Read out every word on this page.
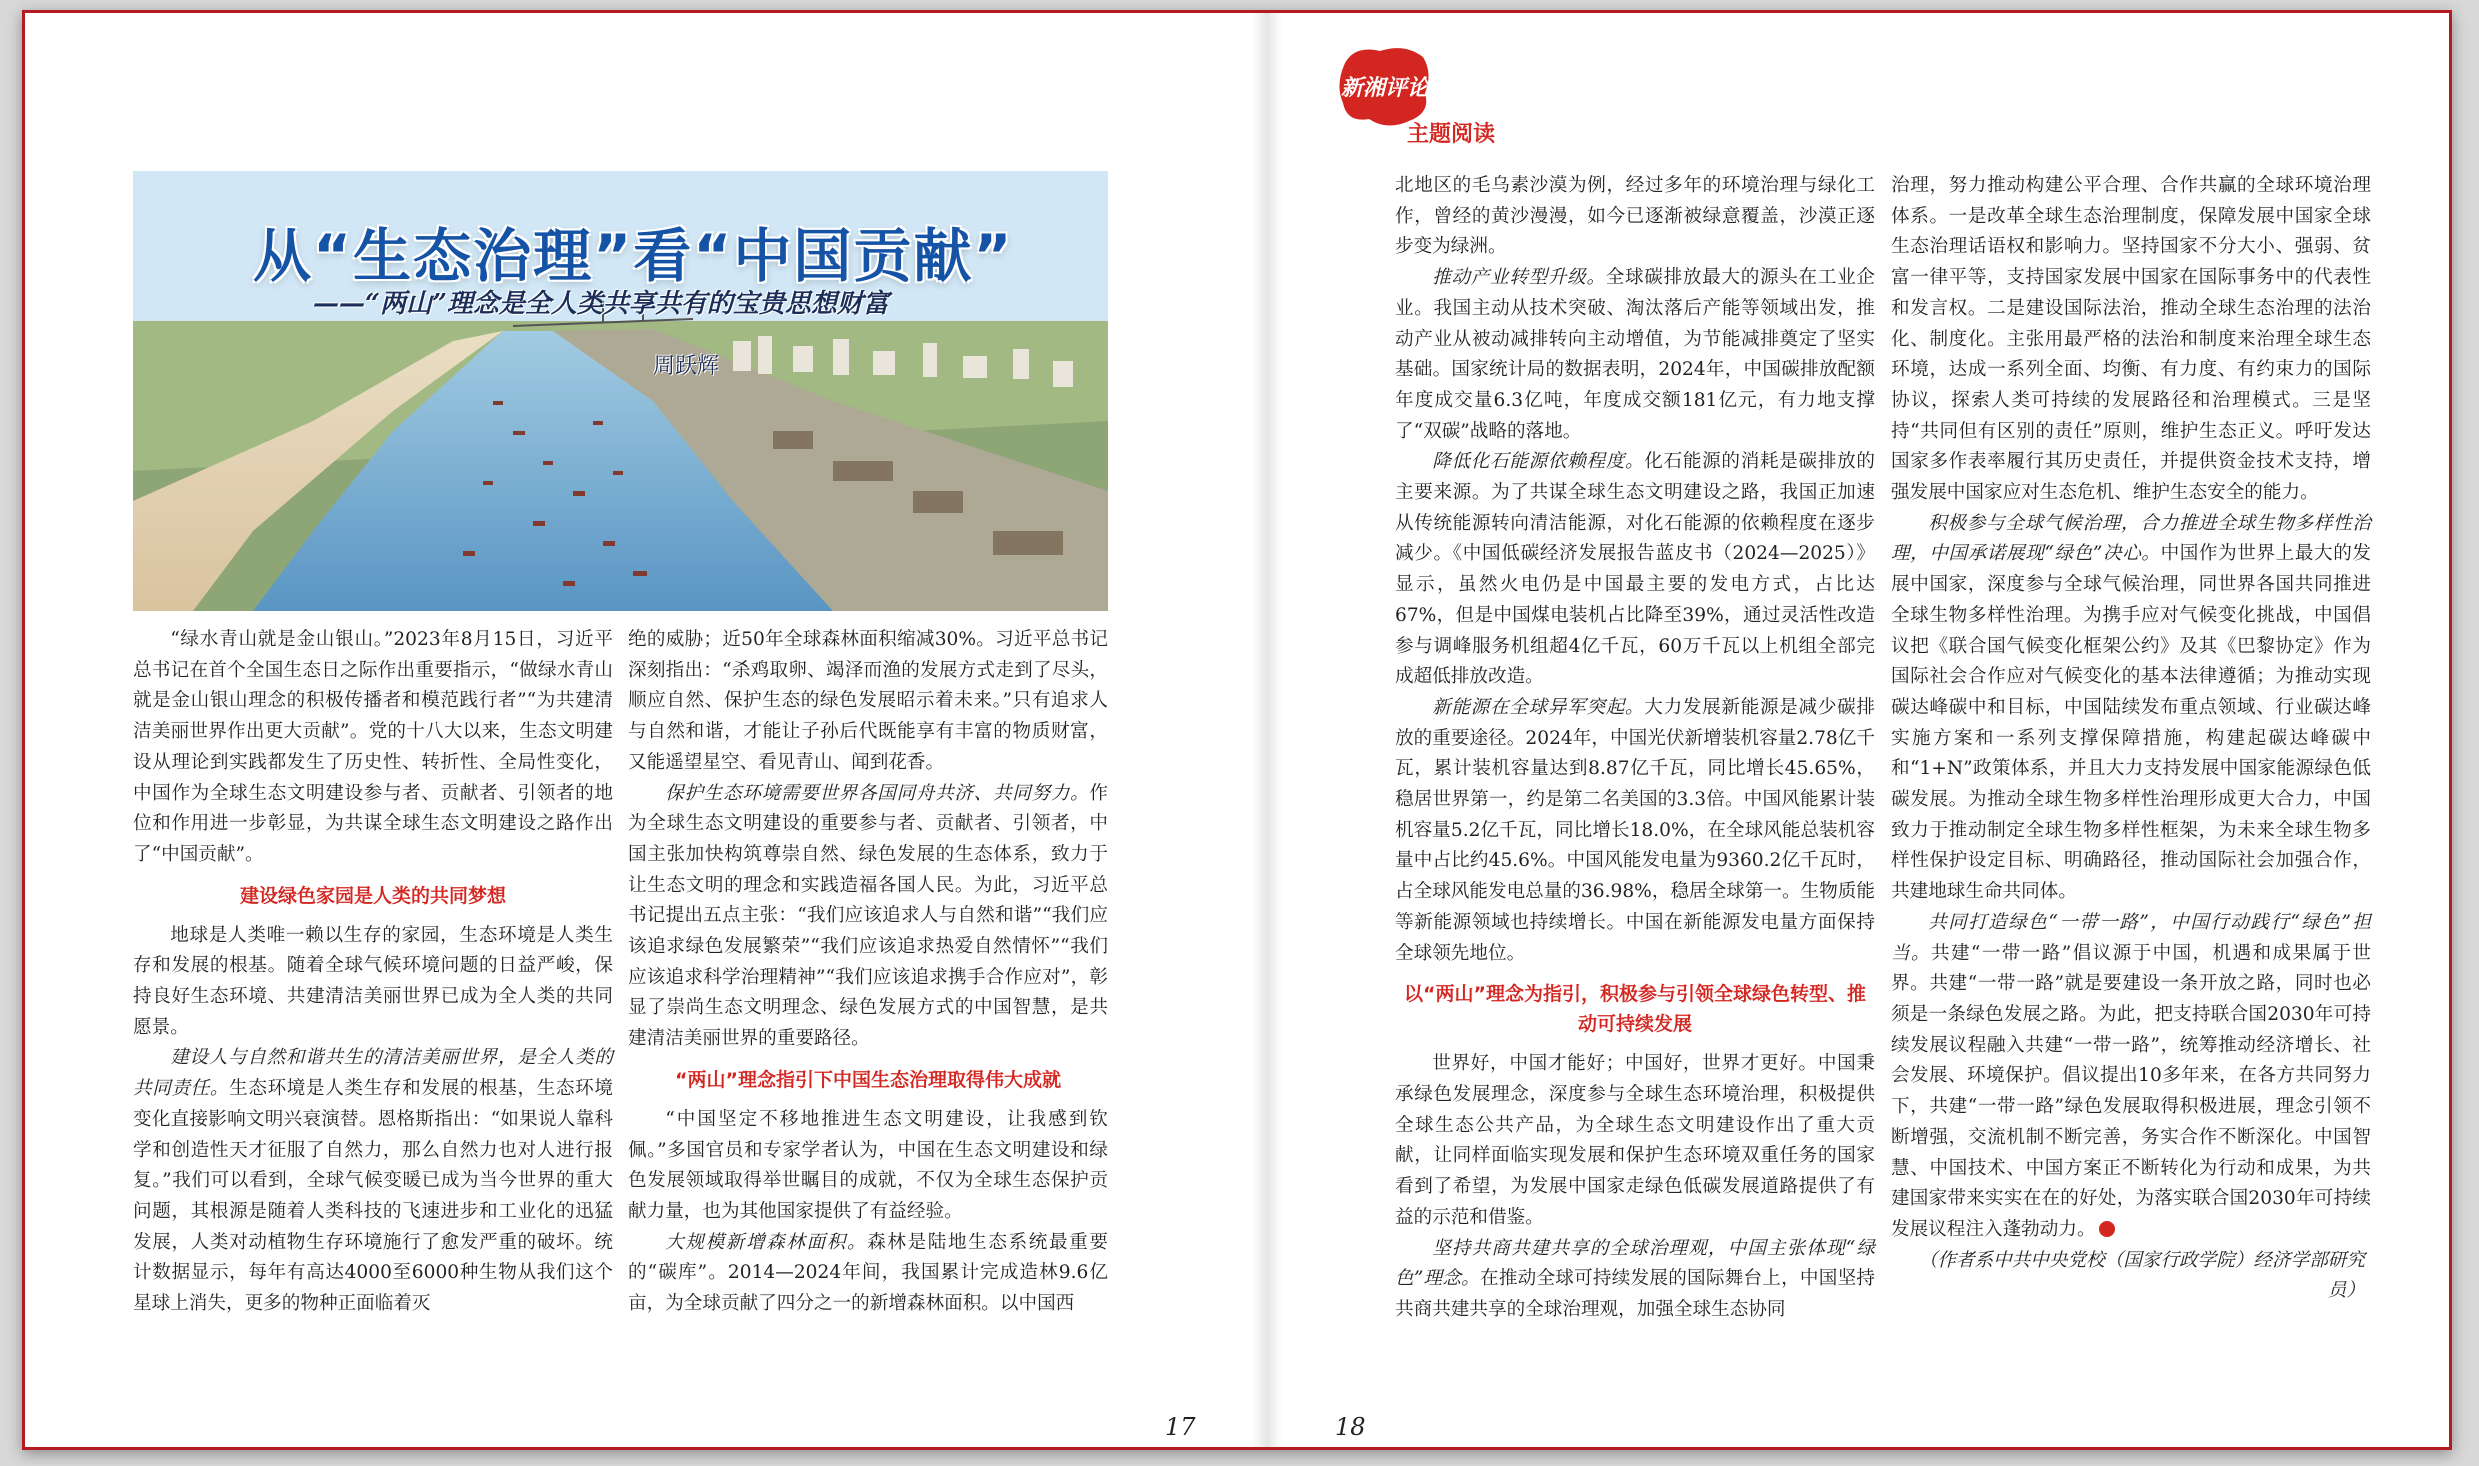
从“生态治理”看“中国贡献”
——“两山”理念是全人类共享共有的宝贵思想财富
周跃辉
新湘评论
主题阅读

“绿水青山就是金山银山。”2023年8月15日，习近平总书记在首个全国生态日之际作出重要指示，“做绿水青山就是金山银山理念的积极传播者和模范践行者”“为共建清洁美丽世界作出更大贡献”。党的十八大以来，生态文明建设从理论到实践都发生了历史性、转折性、全局性变化，中国作为全球生态文明建设参与者、贡献者、引领者的地位和作用进一步彰显，为共谋全球生态文明建设之路作出了“中国贡献”。

建设绿色家园是人类的共同梦想

地球是人类唯一赖以生存的家园，生态环境是人类生存和发展的根基。随着全球气候环境问题的日益严峻，保持良好生态环境、共建清洁美丽世界已成为全人类的共同愿景。

建设人与自然和谐共生的清洁美丽世界，是全人类的共同责任。生态环境是人类生存和发展的根基，生态环境变化直接影响文明兴衰演替。恩格斯指出：“如果说人靠科学和创造性天才征服了自然力，那么自然力也对人进行报复。”我们可以看到，全球气候变暖已成为当今世界的重大问题，其根源是随着人类科技的飞速进步和工业化的迅猛发展，人类对动植物生存环境施行了愈发严重的破坏。统计数据显示，每年有高达4000至6000种生物从我们这个星球上消失，更多的物种正面临着灭

绝的威胁；近50年全球森林面积缩减30%。习近平总书记深刻指出：“杀鸡取卵、竭泽而渔的发展方式走到了尽头，顺应自然、保护生态的绿色发展昭示着未来。”只有追求人与自然和谐，才能让子孙后代既能享有丰富的物质财富，又能遥望星空、看见青山、闻到花香。

保护生态环境需要世界各国同舟共济、共同努力。作为全球生态文明建设的重要参与者、贡献者、引领者，中国主张加快构筑尊崇自然、绿色发展的生态体系，致力于让生态文明的理念和实践造福各国人民。为此，习近平总书记提出五点主张：“我们应该追求人与自然和谐”“我们应该追求绿色发展繁荣”“我们应该追求热爱自然情怀”“我们应该追求科学治理精神”“我们应该追求携手合作应对”，彰显了崇尚生态文明理念、绿色发展方式的中国智慧，是共建清洁美丽世界的重要路径。

“两山”理念指引下中国生态治理取得伟大成就

“中国坚定不移地推进生态文明建设，让我感到钦佩。”多国官员和专家学者认为，中国在生态文明建设和绿色发展领域取得举世瞩目的成就，不仅为全球生态保护贡献力量，也为其他国家提供了有益经验。

大规模新增森林面积。森林是陆地生态系统最重要的“碳库”。2014—2024年间，我国累计完成造林9.6亿亩，为全球贡献了四分之一的新增森林面积。以中国西

北地区的毛乌素沙漠为例，经过多年的环境治理与绿化工作，曾经的黄沙漫漫，如今已逐渐被绿意覆盖，沙漠正逐步变为绿洲。

推动产业转型升级。全球碳排放最大的源头在工业企业。我国主动从技术突破、淘汰落后产能等领域出发，推动产业从被动减排转向主动增值，为节能减排奠定了坚实基础。国家统计局的数据表明，2024年，中国碳排放配额年度成交量6.3亿吨，年度成交额181亿元，有力地支撑了“双碳”战略的落地。

降低化石能源依赖程度。化石能源的消耗是碳排放的主要来源。为了共谋全球生态文明建设之路，我国正加速从传统能源转向清洁能源，对化石能源的依赖程度在逐步减少。《中国低碳经济发展报告蓝皮书（2024—2025）》显示，虽然火电仍是中国最主要的发电方式，占比达67%，但是中国煤电装机占比降至39%，通过灵活性改造参与调峰服务机组超4亿千瓦，60万千瓦以上机组全部完成超低排放改造。

新能源在全球异军突起。大力发展新能源是减少碳排放的重要途径。2024年，中国光伏新增装机容量2.78亿千瓦，累计装机容量达到8.87亿千瓦，同比增长45.65%，稳居世界第一，约是第二名美国的3.3倍。中国风能累计装机容量5.2亿千瓦，同比增长18.0%，在全球风能总装机容量中占比约45.6%。中国风能发电量为9360.2亿千瓦时，占全球风能发电总量的36.98%，稳居全球第一。生物质能等新能源领域也持续增长。中国在新能源发电量方面保持全球领先地位。

以“两山”理念为指引，积极参与引领全球绿色转型、推动可持续发展

世界好，中国才能好；中国好，世界才更好。中国秉承绿色发展理念，深度参与全球生态环境治理，积极提供全球生态公共产品，为全球生态文明建设作出了重大贡献，让同样面临实现发展和保护生态环境双重任务的国家看到了希望，为发展中国家走绿色低碳发展道路提供了有益的示范和借鉴。

坚持共商共建共享的全球治理观，中国主张体现“绿色”理念。在推动全球可持续发展的国际舞台上，中国坚持共商共建共享的全球治理观，加强全球生态协同

治理，努力推动构建公平合理、合作共赢的全球环境治理体系。一是改革全球生态治理制度，保障发展中国家全球生态治理话语权和影响力。坚持国家不分大小、强弱、贫富一律平等，支持国家发展中国家在国际事务中的代表性和发言权。二是建设国际法治，推动全球生态治理的法治化、制度化。主张用最严格的法治和制度来治理全球生态环境，达成一系列全面、均衡、有力度、有约束力的国际协议，探索人类可持续的发展路径和治理模式。三是坚持“共同但有区别的责任”原则，维护生态正义。呼吁发达国家多作表率履行其历史责任，并提供资金技术支持，增强发展中国家应对生态危机、维护生态安全的能力。

积极参与全球气候治理，合力推进全球生物多样性治理，中国承诺展现“绿色”决心。中国作为世界上最大的发展中国家，深度参与全球气候治理，同世界各国共同推进全球生物多样性治理。为携手应对气候变化挑战，中国倡议把《联合国气候变化框架公约》及其《巴黎协定》作为国际社会合作应对气候变化的基本法律遵循；为推动实现碳达峰碳中和目标，中国陆续发布重点领域、行业碳达峰实施方案和一系列支撑保障措施，构建起碳达峰碳中和“1+N”政策体系，并且大力支持发展中国家能源绿色低碳发展。为推动全球生物多样性治理形成更大合力，中国致力于推动制定全球生物多样性框架，为未来全球生物多样性保护设定目标、明确路径，推动国际社会加强合作，共建地球生命共同体。

共同打造绿色“一带一路”，中国行动践行“绿色”担当。共建“一带一路”倡议源于中国，机遇和成果属于世界。共建“一带一路”就是要建设一条开放之路，同时也必须是一条绿色发展之路。为此，把支持联合国2030年可持续发展议程融入共建“一带一路”，统筹推动经济增长、社会发展、环境保护。倡议提出10多年来，在各方共同努力下，共建“一带一路”绿色发展取得积极进展，理念引领不断增强，交流机制不断完善，务实合作不断深化。中国智慧、中国技术、中国方案正不断转化为行动和成果，为共建国家带来实实在在的好处，为落实联合国2030年可持续发展议程注入蓬勃动力。

（作者系中共中央党校（国家行政学院）经济学部研究员）

17	18
